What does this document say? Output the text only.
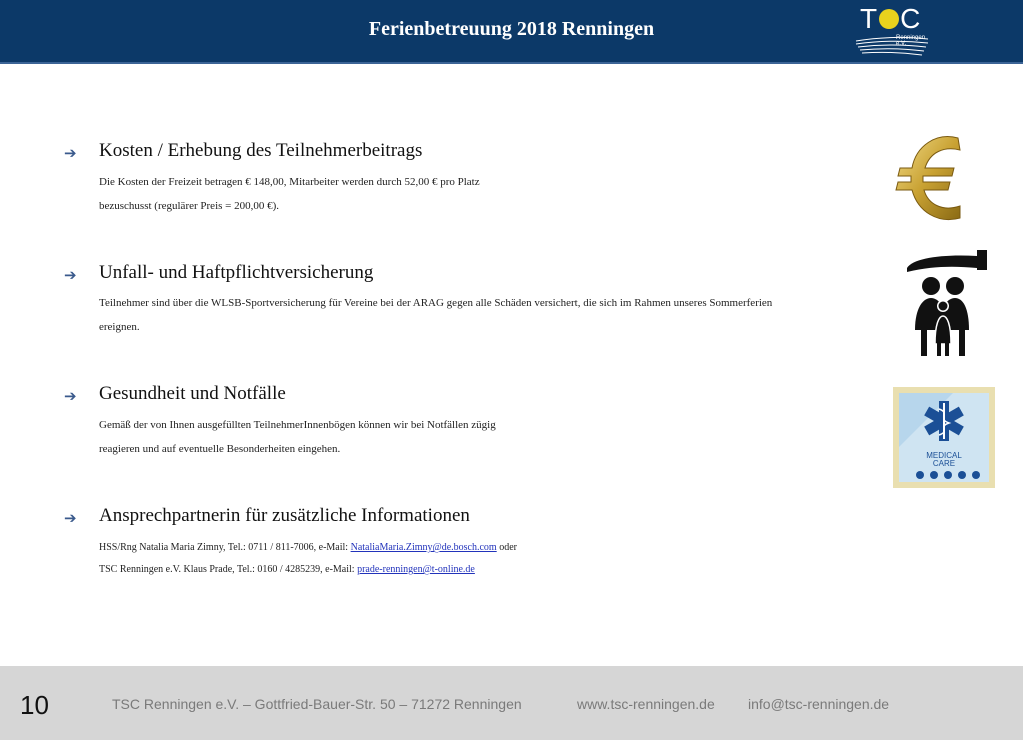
Ferienbetreuung 2018 Renningen	T C
Renningen e.V.
➔ Kosten / Erhebung des Teilnehmerbeitrags
Die Kosten der Freizeit betragen € 148,00, Mitarbeiter werden durch 52,00 € pro Platz
bezuschusst (regulärer Preis = 200,00 €).
➔ Unfall- und Haftpflichtversicherung
Teilnehmer sind über die WLSB-Sportversicherung für Vereine bei der ARAG gegen alle Schäden versichert, die sich im Rahmen unseres Sommerferien
ereignen.
➔ Gesundheit und Notfälle
Gemäß der von Ihnen ausgefüllten TeilnehmerInnenbögen können wir bei Notfällen zügig
reagieren und auf eventuelle Besonderheiten eingehen.
➔ Ansprechpartnerin für zusätzliche Informationen
HSS/Rng Natalia Maria Zimny, Tel.: 0711 / 811-7006, e-Mail: NataliaMaria.Zimny@de.bosch.com oder
TSC Renningen e.V. Klaus Prade, Tel.: 0160 / 4285239, e-Mail: prade-renningen@t-online.de
MEDICAL
CARE
10	TSC Renningen e.V. – Gottfried-Bauer-Str. 50 – 71272 Renningen	www.tsc-renningen.de info@tsc-renningen.de
